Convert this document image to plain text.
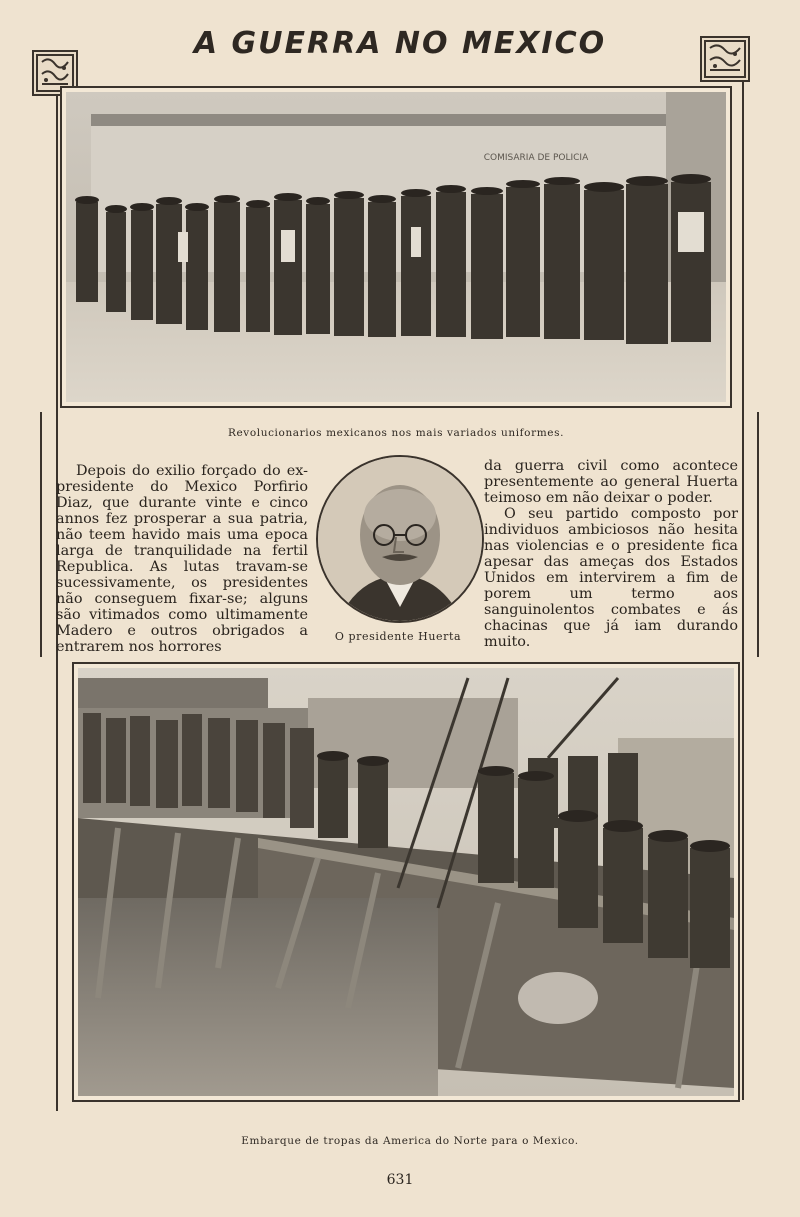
A GUERRA NO MEXICO
COMISARIA DE POLICIA
Revolucionarios mexicanos nos mais variados uniformes.

Depois do exilio forçado do ex-presidente do Mexico Porfirio Diaz, que durante vinte e cinco annos fez prosperar a sua patria, não teem havido mais uma epoca larga de tranquilidade na fertil Republica. As lutas travam-se sucessivamente, os presidentes não conseguem fixar-se; alguns são vitimados como ultimamente Madero e outros obrigados a entrarem nos horrores

O presidente Huerta

da guerra civil como acontece presentemente ao general Huerta teimoso em não deixar o poder.

O seu partido composto por individuos ambiciosos não hesita nas violencias e o presidente fica apesar das ameças dos Estados Unidos em intervirem a fim de porem um termo aos sanguinolentos combates e ás chacinas que já iam durando muito.

Embarque de tropas da America do Norte para o Mexico.
631
